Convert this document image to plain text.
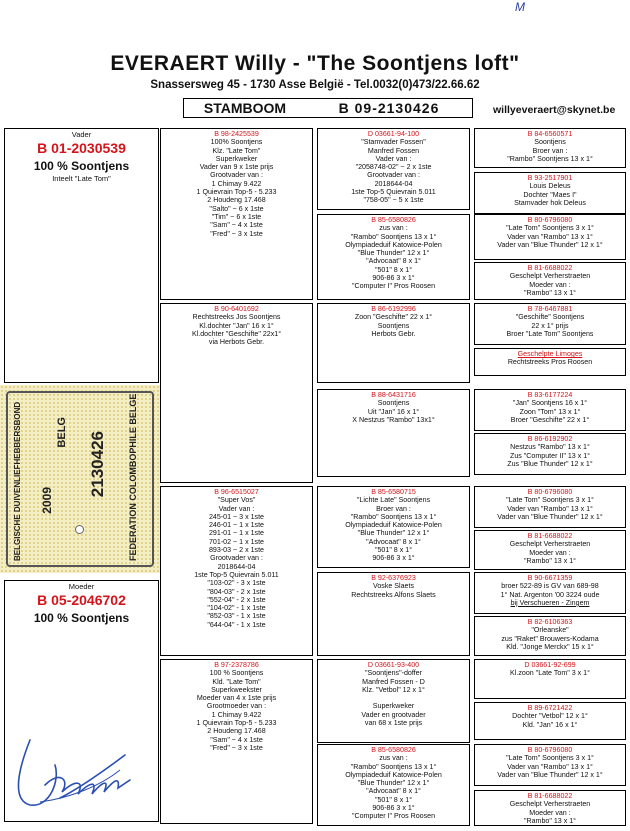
M
EVERAERT Willy - "The Soontjens loft"
Snassersweg 45 - 1730 Asse België - Tel.0032(0)473/22.66.62
STAMBOOM	B 09-2130426	willyeveraert@skynet.be
Vader
B 01-2030539
100 % Soontjens
Inteelt "Late Tom"
BELGISCHE DUIVENLIEFHEBBERSBOND 2009
BELG 2130426 FEDERATION COLOMBOPHILE BELGE
Moeder
B 05-2046702
100 % Soontjens
B 98-2425539
100% Soontjens
Klz. "Late Tom"
Superkweker
Vader van 9 x 1ste prijs
Grootvader van :
1 Chimay 9.422
1 Quievrain Top-5 - 5.233
2 Houdeng 17.468
"Salto" ~ 6 x 1ste
"Tim" ~ 6 x 1ste
"Sam" ~ 4 x 1ste
"Fred" ~ 3 x 1ste
B 90-6401692
Rechtstreeks Jos Soontjens
Kl.dochter "Jan" 16 x 1°
Kl.dochter "Geschifte" 22x1°
via Herbots Gebr.
B 96-6515027
"Super Vos"
Vader van :
245-01 ~ 3 x 1ste
246-01 ~ 1 x 1ste
291-01 ~ 1 x 1ste
701-02 ~ 1 x 1ste
893-03 ~ 2 x 1ste
Grootvader van :
2018644-04
1ste Top-5 Quievrain 5.011
"103-02" - 3 x 1ste
"804-03" - 2 x 1ste
"552-04" - 2 x 1ste
"104-02" - 1 x 1ste
"852-03" - 1 x 1ste
"644-04" - 1 x 1ste
B 97-2378786
100 % Soontjens
Kld. "Late Tom"
Superkweekster
Moeder van 4 x 1ste prijs
Grootmoeder van :
1 Chimay 9.422
1 Quievrain Top-5 - 5.233
2 Houdeng 17.468
"Sam" ~ 4 x 1ste
"Fred" ~ 3 x 1ste
D 03661-94-100
"Stamvader Fossen"
Manfred Fossen
Vader van :
"2058748-02" ~ 2 x 1ste
Grootvader van :
2018644-04
1ste Top-5 Quievrain 5.011
"758-05" ~ 5 x 1ste
B 85-6580826
zus van :
"Rambo" Soontjens 13 x 1°
Olympiadeduif Katowice-Polen
"Blue Thunder" 12 x 1°
"Advocaat" 8 x 1°
"501" 8 x 1°
906-86 3 x 1°
"Computer I" Pros Roosen
B 86-6192996
Zoon "Geschifte" 22 x 1°
Soontjens
Herbots Gebr.
B 88-6431716
Soontjens
Uit "Jan" 16 x 1°
X Nestzus "Rambo" 13x1°
B 85-6580715
"Lichte Late" Soontjens
Broer van :
"Rambo" Soontjens 13 x 1°
Olympiadeduif Katowice-Polen
"Blue Thunder" 12 x 1°
"Advocaat" 8 x 1°
"501" 8 x 1°
906-86 3 x 1°
B 92-6376923
Voske Slaets
Rechtstreeks Alfons Slaets
D 03661-93-400
"Soontjens"-doffer
Manfred Fossen - D
Klz. "Vetbol" 12 x 1°

Superkweker
Vader en grootvader
van 68 x 1ste prijs
B 85-6580826
zus van :
"Rambo" Soontjens 13 x 1°
Olympiadeduif Katowice-Polen
"Blue Thunder" 12 x 1°
"Advocaat" 8 x 1°
"501" 8 x 1°
906-86 3 x 1°
"Computer I" Pros Roosen
B 84-6560571
Soontjens
Broer van :
"Rambo" Soontjens 13 x 1°
B 93-2517901
Louis Deleus
Dochter "Maes I"
Stamvader hok Deleus
B 80-6796080
"Late Tom" Soontjens 3 x 1°
Vader van "Rambo" 13 x 1°
Vader van "Blue Thunder" 12 x 1°
B 81-6688022
Geschelpt Verherstraeten
Moeder van :
"Rambo" 13 x 1°
B 78-6467881
"Geschifte" Soontjens
22 x 1° prijs
Broer "Late Tom" Soontjens
Geschelpte Limoges
Rechtstreeks Pros Roosen
B 83-6177224
"Jan" Soontjens 16 x 1°
Zoon "Tom" 13 x 1°
Broer "Geschifte" 22 x 1°
B 86-6192902
Nestzus "Rambo" 13 x 1°
Zus "Computer II" 13 x 1°
Zus "Blue Thunder" 12 x 1°
B 80-6796080
"Late Tom" Soontjens 3 x 1°
Vader van "Rambo" 13 x 1°
Vader van "Blue Thunder" 12 x 1°
B 81-6688022
Geschelpt Verherstraeten
Moeder van :
"Rambo" 13 x 1°
B 90-6671359
broer 522-89 is GV van 689-98
1° Nat. Argenton '00 3224 oude
bij Verschueren - Zingem
B 82-6106363
"Orleanske"
zus "Raket" Brouwers-Kodama
Kld. "Jonge Merckx" 15 x 1°
D 03661-92-699
Kl.zoon "Late Tom" 3 x 1°
B 89-6721422
Dochter "Vetbol" 12 x 1°
Kld. "Jan" 16 x 1°
B 80-6796080
"Late Tom" Soontjens 3 x 1°
Vader van "Rambo" 13 x 1°
Vader van "Blue Thunder" 12 x 1°
B 81-6688022
Geschelpt Verherstraeten
Moeder van :
"Rambo" 13 x 1°
